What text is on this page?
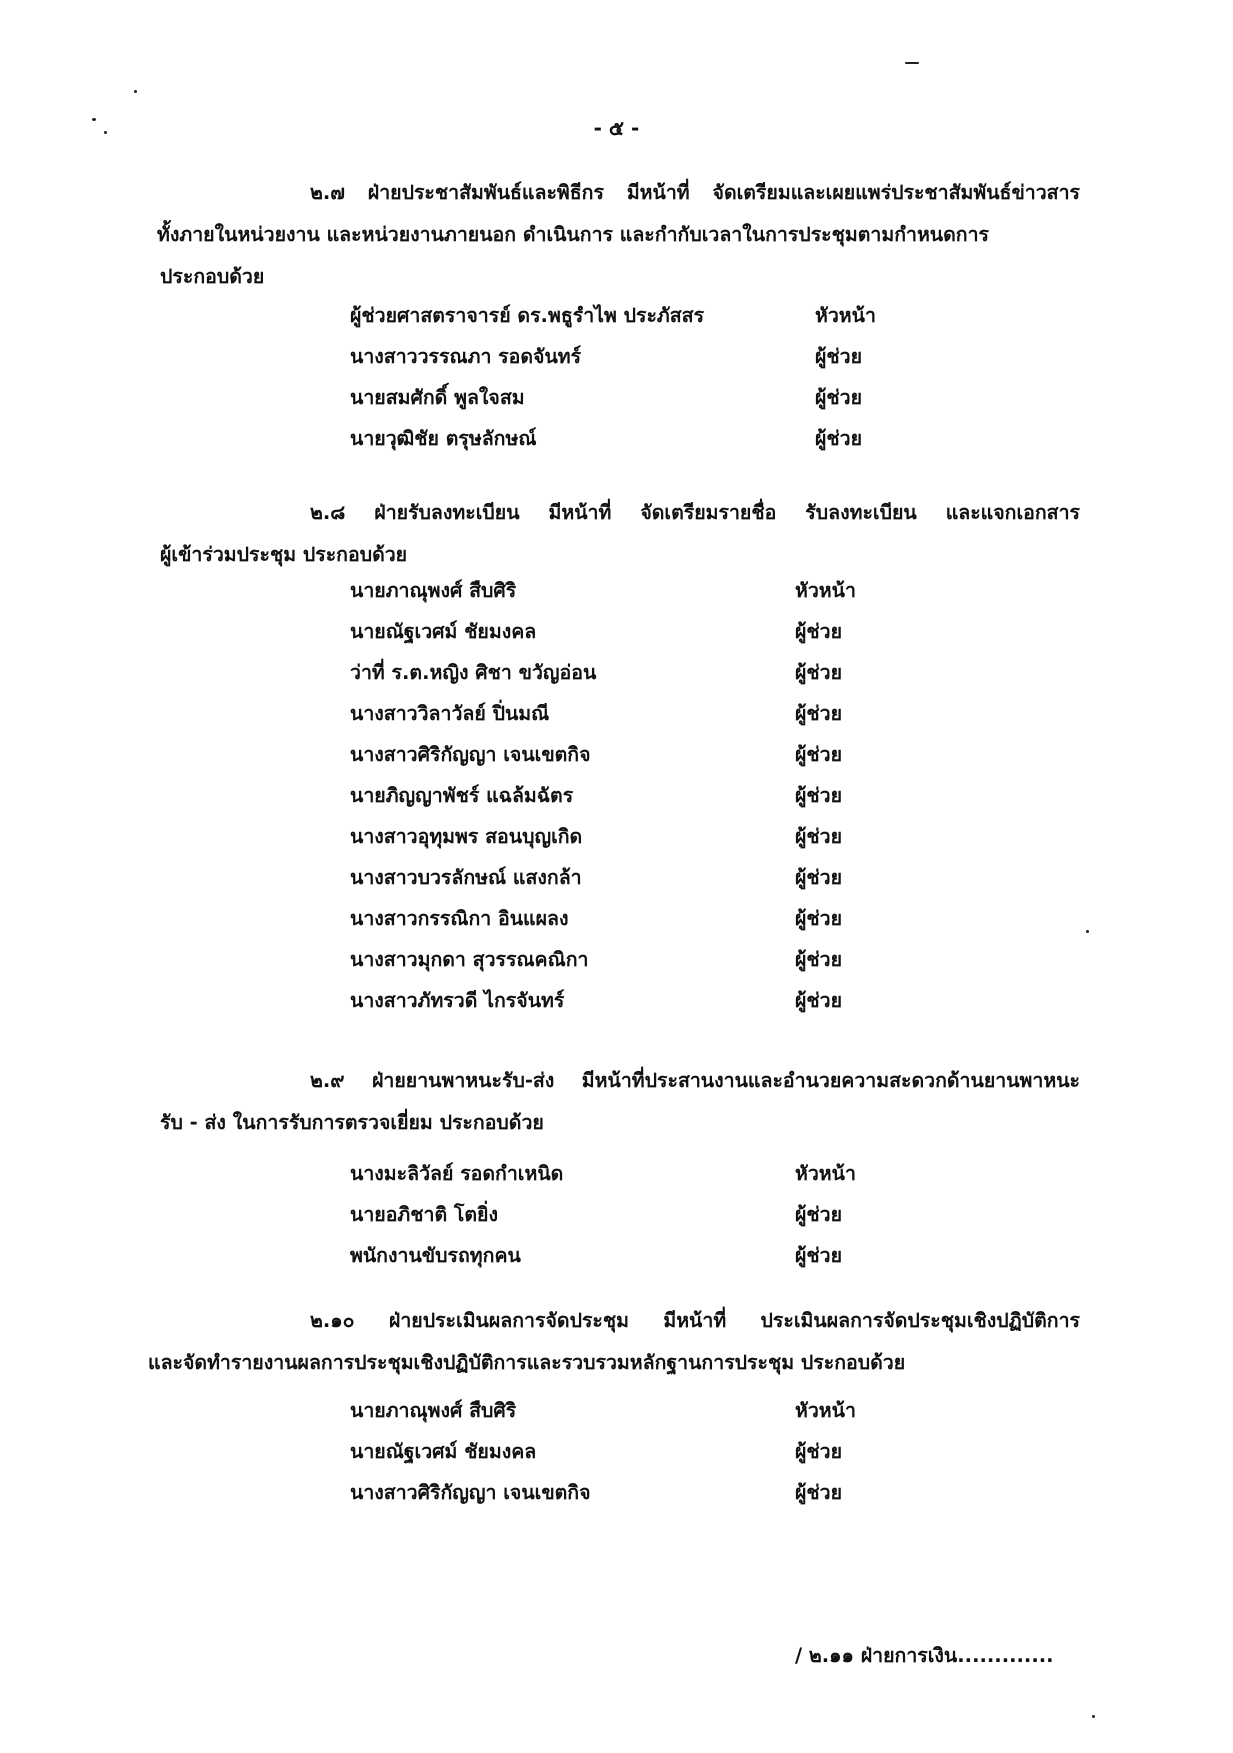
- ๕ -
๒.๗ ฝ่ายประชาสัมพันธ์และพิธีกร มีหน้าที่ จัดเตรียมและเผยแพร่ประชาสัมพันธ์ข่าวสาร
ทั้งภายในหน่วยงาน และหน่วยงานภายนอก ดำเนินการ และกำกับเวลาในการประชุมตามกำหนดการ
ประกอบด้วย
ผู้ช่วยศาสตราจารย์ ดร.พธูรำไพ ประภัสสร	หัวหน้า
นางสาววรรณภา รอดจันทร์	ผู้ช่วย
นายสมศักดิ์ พูลใจสม	ผู้ช่วย
นายวุฒิชัย ตรุษลักษณ์	ผู้ช่วย
๒.๘ ฝ่ายรับลงทะเบียน มีหน้าที่ จัดเตรียมรายชื่อ รับลงทะเบียน และแจกเอกสาร
ผู้เข้าร่วมประชุม ประกอบด้วย
นายภาณุพงศ์ สืบศิริ	หัวหน้า
นายณัฐเวศม์ ชัยมงคล	ผู้ช่วย
ว่าที่ ร.ต.หญิง ศิชา ขวัญอ่อน	ผู้ช่วย
นางสาววิลาวัลย์ ปิ่นมณี	ผู้ช่วย
นางสาวศิริกัญญา เจนเขตกิจ	ผู้ช่วย
นายภิญญาพัชร์ แฉล้มฉัตร	ผู้ช่วย
นางสาวอุทุมพร สอนบุญเกิด	ผู้ช่วย
นางสาวบวรลักษณ์ แสงกล้า	ผู้ช่วย
นางสาวกรรณิกา อินแผลง	ผู้ช่วย
นางสาวมุกดา สุวรรณคณิกา	ผู้ช่วย
นางสาวภัทรวดี ไกรจันทร์	ผู้ช่วย
๒.๙ ฝ่ายยานพาหนะรับ-ส่ง มีหน้าที่ประสานงานและอำนวยความสะดวกด้านยานพาหนะ
รับ - ส่ง ในการรับการตรวจเยี่ยม ประกอบด้วย
นางมะลิวัลย์ รอดกำเหนิด	หัวหน้า
นายอภิชาติ โตยิ่ง	ผู้ช่วย
พนักงานขับรถทุกคน	ผู้ช่วย
๒.๑๐ ฝ่ายประเมินผลการจัดประชุม มีหน้าที่ ประเมินผลการจัดประชุมเชิงปฏิบัติการ
และจัดทำรายงานผลการประชุมเชิงปฏิบัติการและรวบรวมหลักฐานการประชุม ประกอบด้วย
นายภาณุพงศ์ สืบศิริ	หัวหน้า
นายณัฐเวศม์ ชัยมงคล	ผู้ช่วย
นางสาวศิริกัญญา เจนเขตกิจ	ผู้ช่วย
/ ๒.๑๑ ฝ่ายการเงิน.............
